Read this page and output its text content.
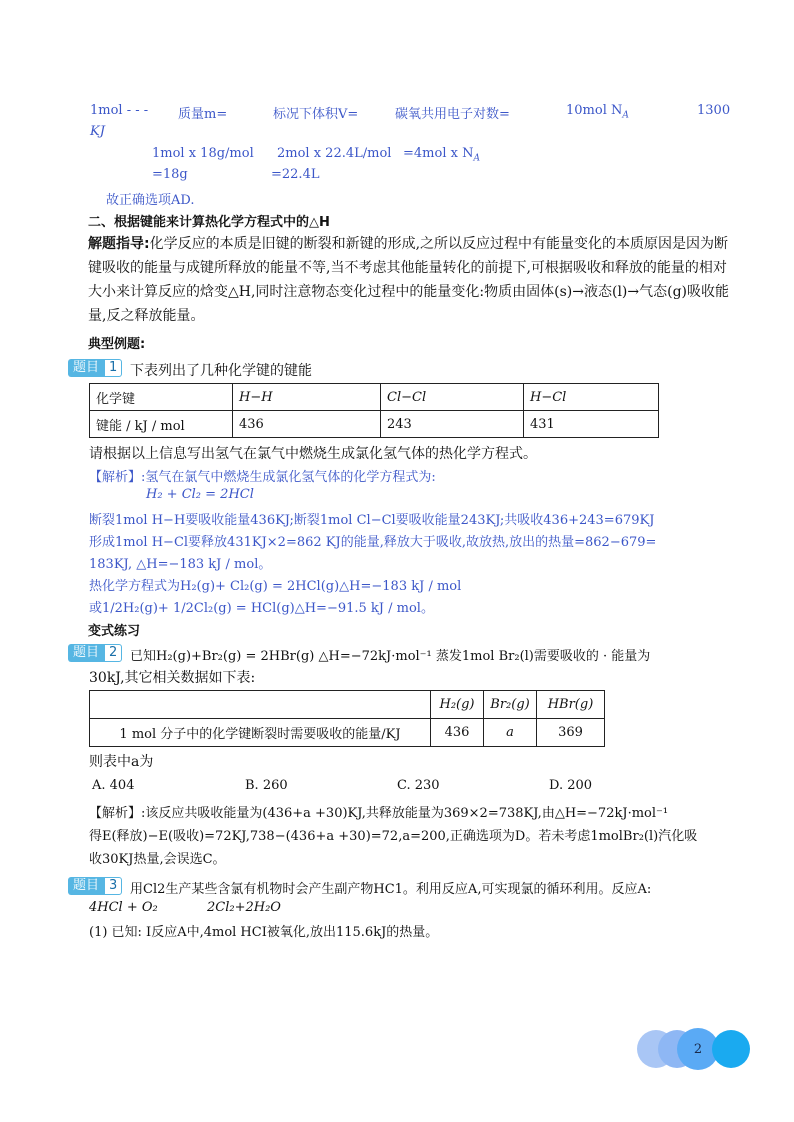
1mol - - - 质量m=	标况下体积V=	碳氧共用电子对数=	10mol $N_A$	1300
KJ
1mol x 18g/mol 2mol x 22.4L/mol =4mol x $N_A$
=18g	=22.4L
故正确选项AD.
二、根据键能来计算热化学方程式中的△H
解题指导:化学反应的本质是旧键的断裂和新键的形成,之所以反应过程中有能量变化的本质原因是因为断键吸收的能量与成键所释放的能量不等,当不考虑其他能量转化的前提下,可根据吸收和释放的能量的相对大小来计算反应的焓变△H,同时注意物态变化过程中的能量变化:物质由固体(s)→液态(l)→气态(g)吸收能量,反之释放能量。
典型例题:
题目 1 下表列出了几种化学键的键能
化学键	H−H	Cl−Cl	H−Cl
键能 / kJ / mol	436	243	431
请根据以上信息写出氢气在氯气中燃烧生成氯化氢气体的热化学方程式。
【解析】:氢气在氯气中燃烧生成氯化氢气体的化学方程式为:
H₂ + Cl₂ = 2HCl
断裂1mol H−H要吸收能量436KJ;断裂1mol Cl−Cl要吸收能量243KJ;共吸收436+243=679KJ
形成1mol H−Cl要释放431KJ×2=862 KJ的能量,释放大于吸收,故放热,放出的热量=862−679=
183KJ, △H=−183 kJ / mol。
热化学方程式为H₂(g)+ Cl₂(g) = 2HCl(g)△H=−183 kJ / mol
或1/2H₂(g)+ 1/2Cl₂(g) = HCl(g)△H=−91.5 kJ / mol。
变式练习
题目 2 已知H₂(g)+Br₂(g) = 2HBr(g) △H=−72kJ·mol⁻¹ 蒸发1mol Br₂(l)需要吸收的 · 能量为
30kJ,其它相关数据如下表:
	H₂(g)	Br₂(g)	HBr(g)
1 mol 分子中的化学键断裂时需要吸收的能量/KJ	436	a	369
则表中a为
A. 404	B. 260	C. 230	D. 200
【解析】:该反应共吸收能量为(436+a +30)KJ,共释放能量为369×2=738KJ,由△H=−72kJ·mol⁻¹
得E(释放)−E(吸收)=72KJ,738−(436+a +30)=72,a=200,正确选项为D。若未考虑1molBr₂(l)汽化吸
收30KJ热量,会误选C。
题目 3 用Cl2生产某些含氯有机物时会产生副产物HC1。利用反应A,可实现氯的循环利用。反应A:
4HCl + O₂	2Cl₂+2H₂O
(1) 已知: Ⅰ反应A中,4mol HCI被氧化,放出115.6kJ的热量。
2
